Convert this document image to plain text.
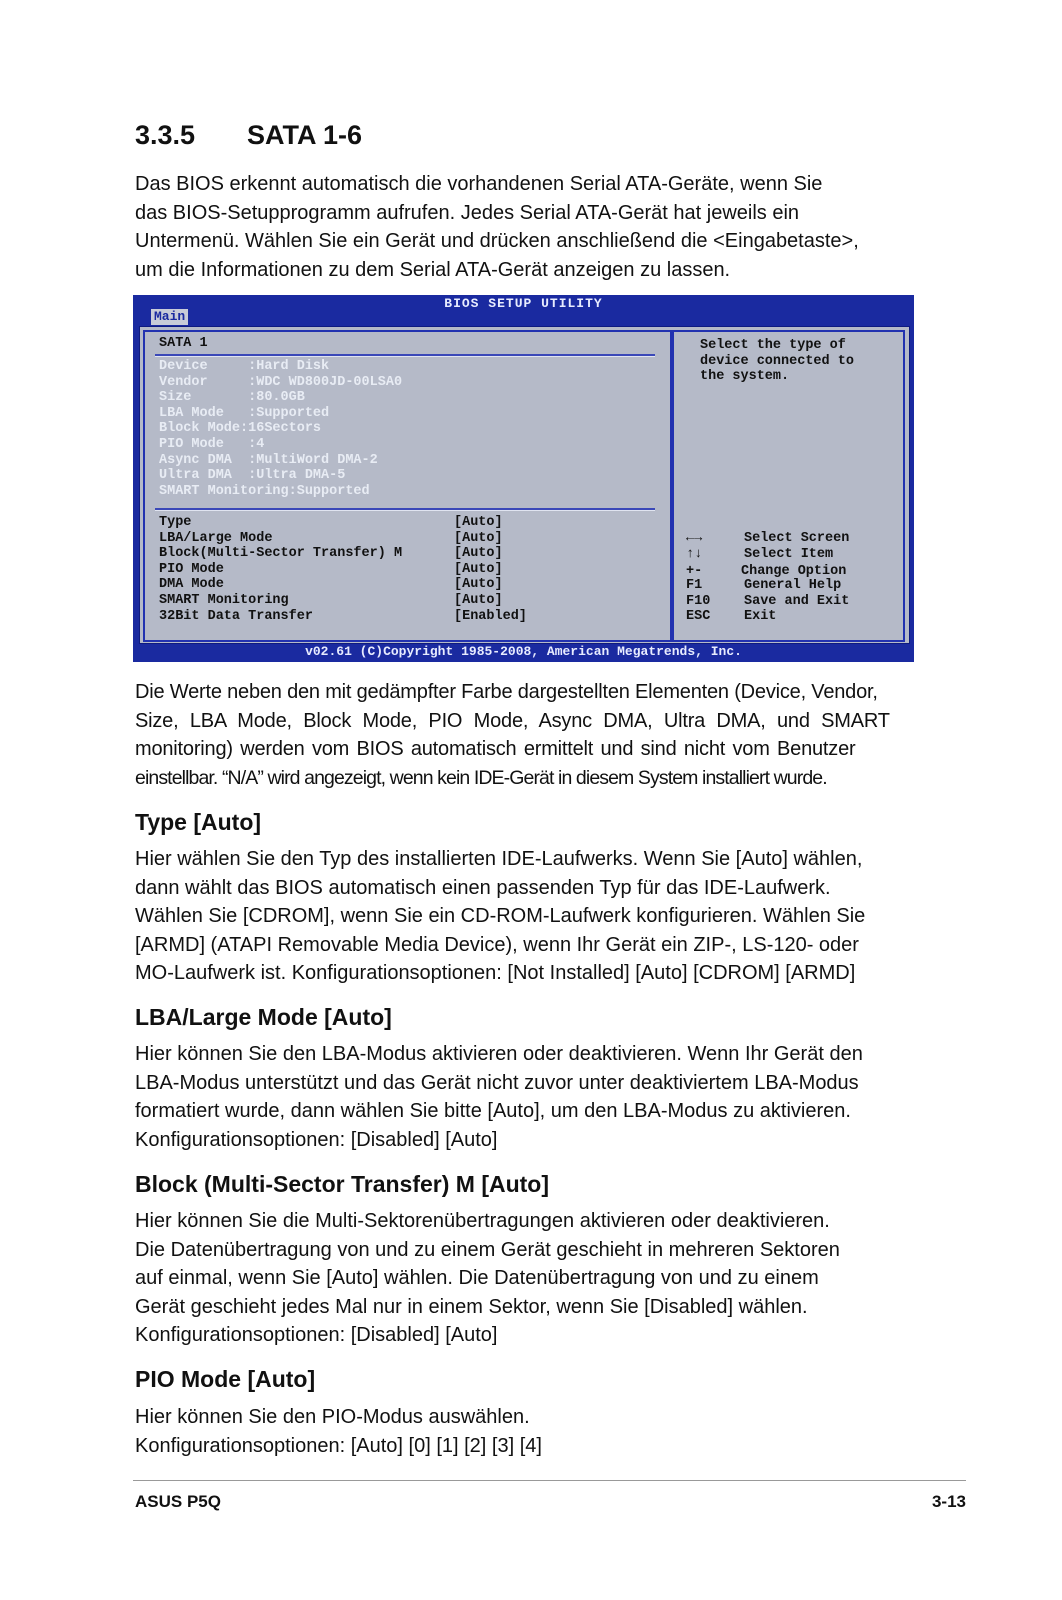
3.3.5 SATA 1-6
Das BIOS erkennt automatisch die vorhandenen Serial ATA-Geräte, wenn Sie
das BIOS-Setupprogramm aufrufen. Jedes Serial ATA-Gerät hat jeweils ein
Untermenü. Wählen Sie ein Gerät und drücken anschließend die <Eingabetaste>,
um die Informationen zu dem Serial ATA-Gerät anzeigen zu lassen.
Die Werte neben den mit gedämpfter Farbe dargestellten Elementen (Device, Vendor,
Size, LBA Mode, Block Mode, PIO Mode, Async DMA, Ultra DMA, und SMART
monitoring) werden vom BIOS automatisch ermittelt und sind nicht vom Benutzer
einstellbar. “N/A” wird angezeigt, wenn kein IDE-Gerät in diesem System installiert wurde.
Type [Auto]
Hier wählen Sie den Typ des installierten IDE-Laufwerks. Wenn Sie [Auto] wählen,
dann wählt das BIOS automatisch einen passenden Typ für das IDE-Laufwerk.
Wählen Sie [CDROM], wenn Sie ein CD-ROM-Laufwerk konfigurieren. Wählen Sie
[ARMD] (ATAPI Removable Media Device), wenn Ihr Gerät ein ZIP-, LS-120- oder
MO-Laufwerk ist. Konfigurationsoptionen: [Not Installed] [Auto] [CDROM] [ARMD]
LBA/Large Mode [Auto]
Hier können Sie den LBA-Modus aktivieren oder deaktivieren. Wenn Ihr Gerät den
LBA-Modus unterstützt und das Gerät nicht zuvor unter deaktiviertem LBA-Modus
formatiert wurde, dann wählen Sie bitte [Auto], um den LBA-Modus zu aktivieren.
Konfigurationsoptionen: [Disabled] [Auto]
Block (Multi-Sector Transfer) M [Auto]
Hier können Sie die Multi-Sektorenübertragungen aktivieren oder deaktivieren.
Die Datenübertragung von und zu einem Gerät geschieht in mehreren Sektoren
auf einmal, wenn Sie [Auto] wählen. Die Datenübertragung von und zu einem
Gerät geschieht jedes Mal nur in einem Sektor, wenn Sie [Disabled] wählen.
Konfigurationsoptionen: [Disabled] [Auto]
PIO Mode [Auto]
Hier können Sie den PIO-Modus auswählen.
Konfigurationsoptionen: [Auto] [0] [1] [2] [3] [4]
BIOS SETUP UTILITY
Main
SATA 1
Device     :Hard Disk
Vendor     :WDC WD800JD-00LSA0
Size       :80.0GB
LBA Mode   :Supported
Block Mode:16Sectors
PIO Mode   :4
Async DMA  :MultiWord DMA-2
Ultra DMA  :Ultra DMA-5
SMART Monitoring:Supported
Type	[Auto]
LBA/Large Mode	[Auto]
Block(Multi-Sector Transfer) M	[Auto]
PIO Mode	[Auto]
DMA Mode	[Auto]
SMART Monitoring	[Auto]
32Bit Data Transfer	[Enabled]
Select the type of
device connected to
the system.
←→	Select Screen
↑↓	Select Item
+-	Change Option
F1	General Help
F10 Save and Exit
ESC Exit
v02.61 (C)Copyright 1985-2008, American Megatrends, Inc.
ASUS P5Q	3-13
